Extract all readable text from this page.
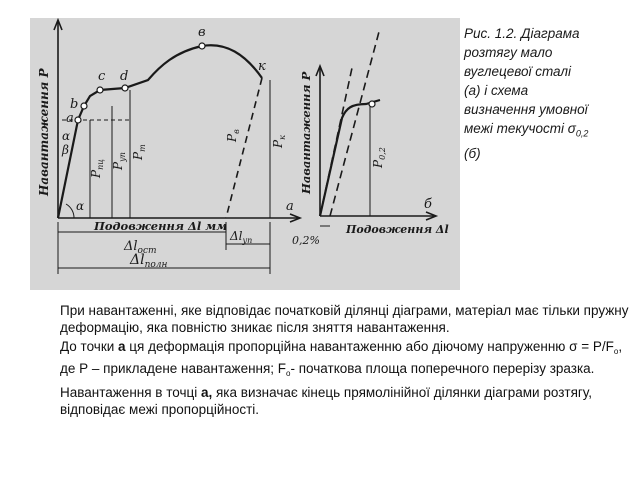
Навантаження P
Подовження Δl мм
a
b
c d
в
к
α
β
α	a
$P_{пц}$ $P_{уп}$ $P_т$
$P_в$
$P_к$
$\Delta l_{ост}$
$\Delta l_{уп}$
$\Delta l_{полн}$
Навантаження P
Подовження Δl
$P_{0,2}$
0,2%
б
Рис. 1.2. Діаграма
розтягу мало
вуглецевої сталі
(а) і схема
визначення умовної
межі текучості $\sigma_{0,2}$
(б)

При навантаженні, яке відповідає початковій ділянці діаграми, матеріал має тільки пружну деформацію, яка повністю зникає після зняття навантаження.

До точки а ця деформація пропорційна навантаженню або діючому напруженню $\sigma = Р/F_о$, де Р – прикладене навантаження; $F_о-$ початкова площа поперечного перерізу зразка.

Навантаження в точці а, яка визначає кінець прямолінійної ділянки діаграми розтягу, відповідає межі пропорційності.
